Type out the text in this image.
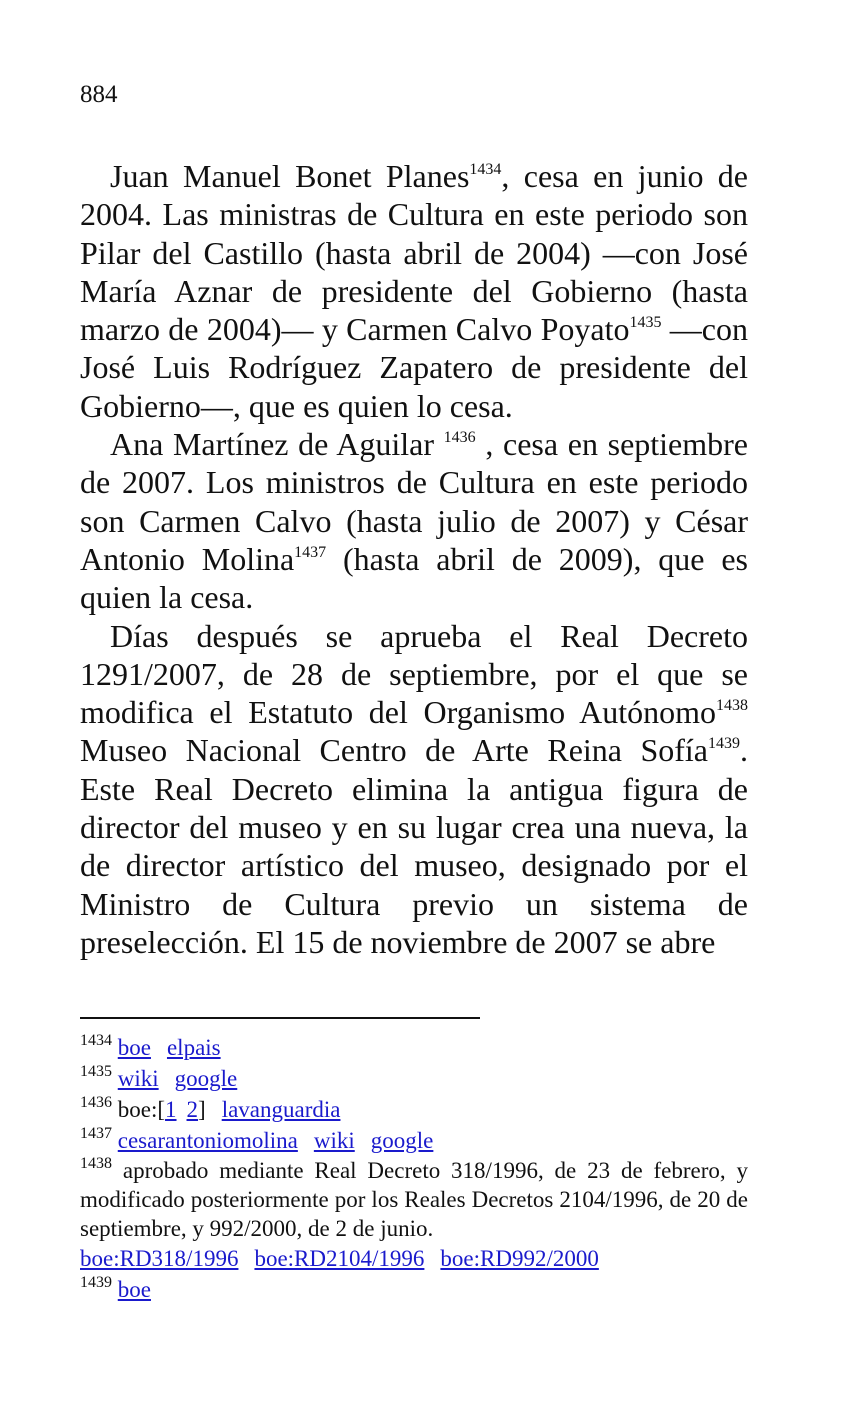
884

Juan Manuel Bonet Planes$^{1434}$, cesa en junio de 2004. Las ministras de Cultura en este periodo son Pilar del Castillo (hasta abril de 2004) —con José María Aznar de presidente del Gobierno (hasta marzo de 2004)— y Carmen Calvo Poyato$^{1435}$ —con José Luis Rodríguez Zapatero de presidente del Gobierno—, que es quien lo cesa.

Ana Martínez de Aguilar $^{1436}$ , cesa en septiembre de 2007. Los ministros de Cultura en este periodo son Carmen Calvo (hasta julio de 2007) y César Antonio Molina$^{1437}$ (hasta abril de 2009), que es quien la cesa.

Días después se aprueba el Real Decreto 1291/2007, de 28 de septiembre, por el que se modifica el Estatuto del Organismo Autónomo$^{1438}$ Museo Nacional Centro de Arte Reina Sofía$^{1439}$. Este Real Decreto elimina la antigua figura de director del museo y en su lugar crea una nueva, la de director artístico del museo, designado por el Ministro de Cultura previo un sistema de preselección. El 15 de noviembre de 2007 se abre

$^{1434}$ boe elpais
$^{1435}$ wiki google
$^{1436}$ boe:[1 2] lavanguardia
$^{1437}$ cesarantoniomolina wiki google
$^{1438}$ aprobado mediante Real Decreto 318/1996, de 23 de febrero, y modificado posteriormente por los Reales Decretos 2104/1996, de 20 de septiembre, y 992/2000, de 2 de junio.
boe:RD318/1996 boe:RD2104/1996 boe:RD992/2000
$^{1439}$ boe
